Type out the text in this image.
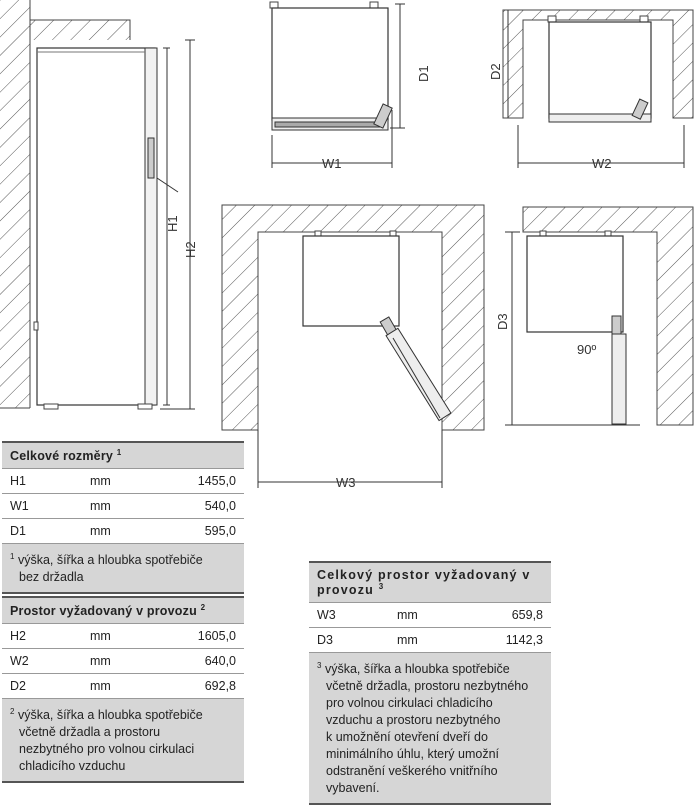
H1
H2
D1
W1
D2
W2
W3
D3
90º
Celkové rozměry $^1$
H1	mm	1455,0
W1	mm	540,0
D1	mm	595,0
$^1$ výška, šířka a hloubka spotřebiče
bez držadla
Prostor vyžadovaný v provozu $^2$
H2	mm	1605,0
W2	mm	640,0
D2	mm	692,8
$^2$ výška, šířka a hloubka spotřebiče
včetně držadla a prostoru
nezbytného pro volnou cirkulaci
chladicího vzduchu
Celkový prostor vyžadovaný v provozu $^3$
W3	mm	659,8
D3	mm	1142,3
$^3$ výška, šířka a hloubka spotřebiče
včetně držadla, prostoru nezbytného
pro volnou cirkulaci chladicího
vzduchu a prostoru nezbytného
k umožnění otevření dveří do
minimálního úhlu, který umožní
odstranění veškerého vnitřního
vybavení.
